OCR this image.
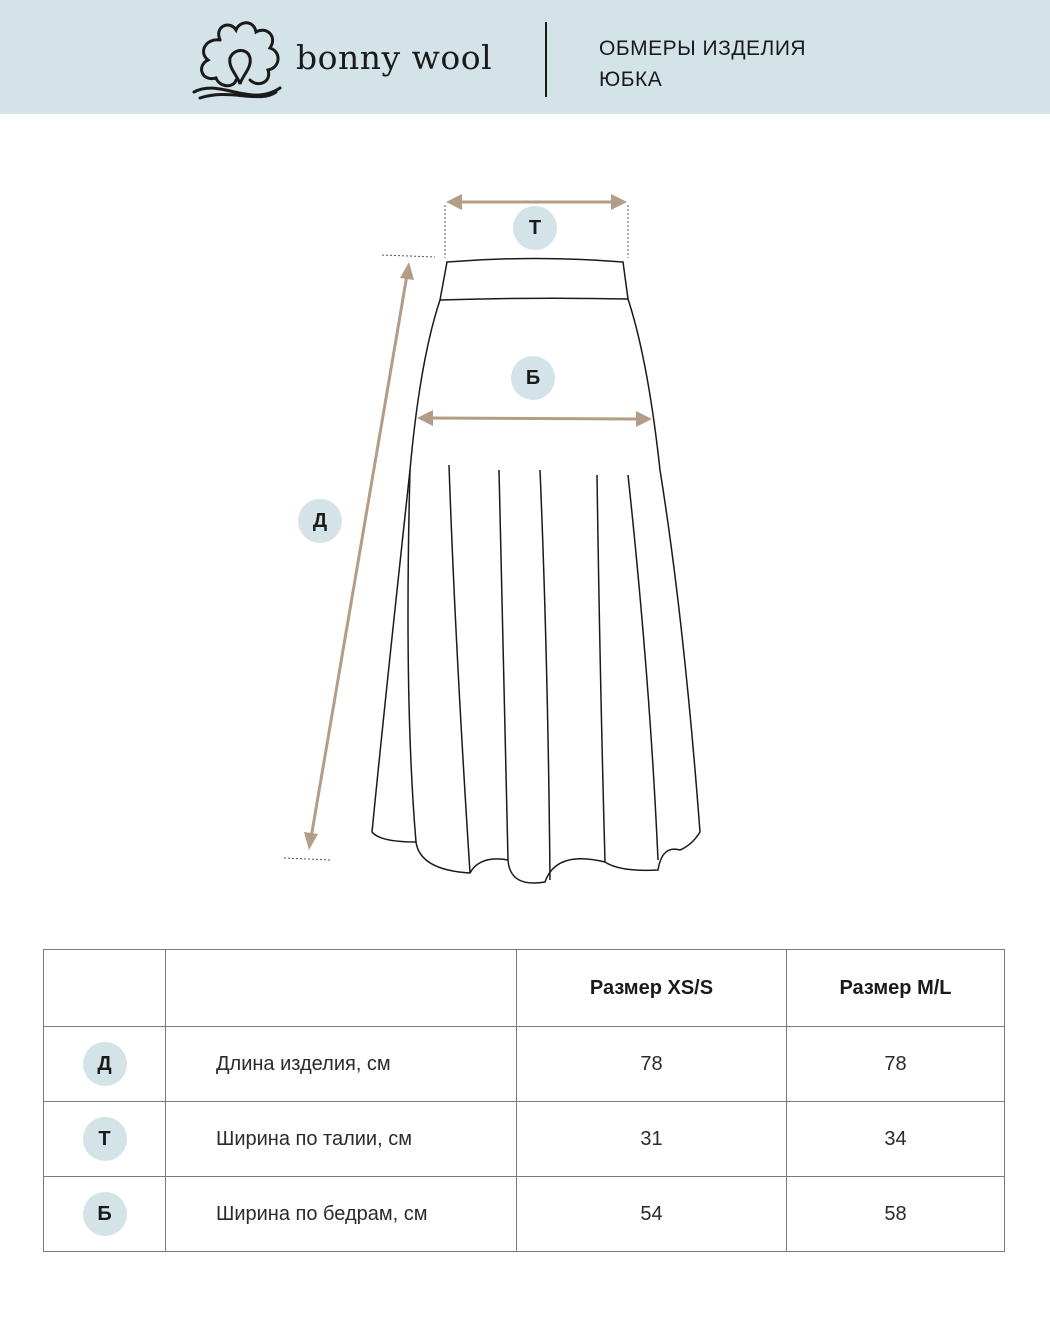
bonny wool	ОБМЕРЫ ИЗДЕЛИЯ
ЮБКА
Т
Б
Д
		Размер XS/S	Размер M/L
Д	Длина изделия, см	78	78
Т	Ширина по талии, см	31	34
Б	Ширина по бедрам, см	54	58
